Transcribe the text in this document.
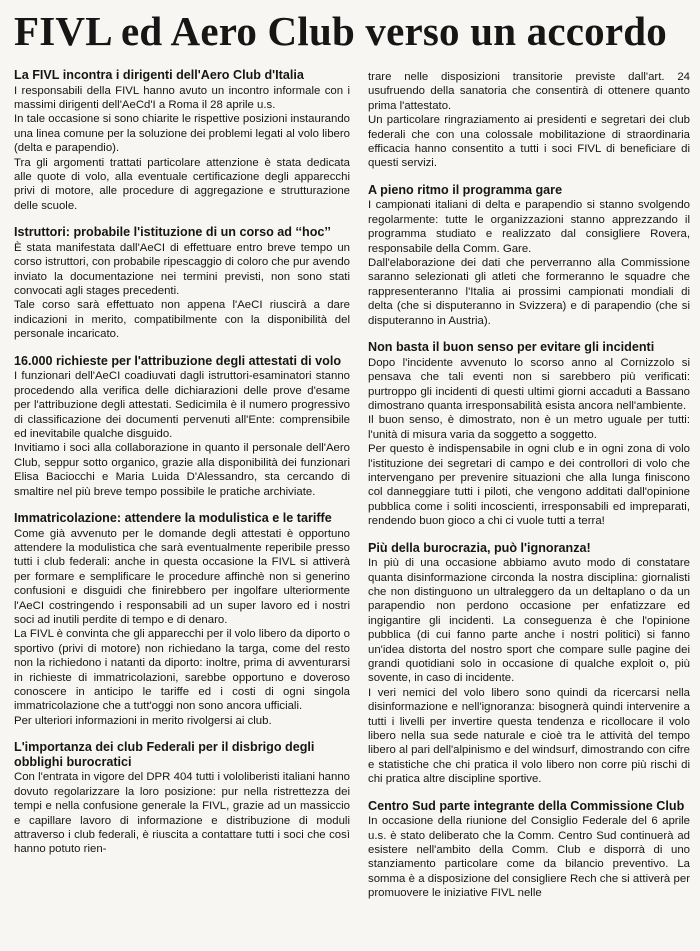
FIVL ed Aero Club verso un accordo
La FIVL incontra i dirigenti dell'Aero Club d'Italia

I responsabili della FIVL hanno avuto un incontro informale con i massimi dirigenti dell'AeCd'I a Roma il 28 aprile u.s.

In tale occasione si sono chiarite le rispettive posizioni instaurando una linea comune per la soluzione dei problemi legati al volo libero (delta e parapendio).

Tra gli argomenti trattati particolare attenzione è stata dedicata alle quote di volo, alla eventuale certificazione degli apparecchi privi di motore, alle procedure di aggregazione e strutturazione delle scuole.

Istruttori: probabile l'istituzione di un corso ad ‘‘hoc’’

È stata manifestata dall'AeCI di effettuare entro breve tempo un corso istruttori, con probabile ripescaggio di coloro che pur avendo inviato la documentazione nei termini previsti, non sono stati convocati agli stages precedenti.

Tale corso sarà effettuato non appena l'AeCI riuscirà a dare indicazioni in merito, compatibilmente con la disponibilità del personale incaricato.

16.000 richieste per l'attribuzione degli attestati di volo

I funzionari dell'AeCI coadiuvati dagli istruttori-esaminatori stanno procedendo alla verifica delle dichiarazioni delle prove d'esame per l'attribuzione degli attestati. Sedicimila è il numero progressivo di classificazione dei documenti pervenuti all'Ente: comprensibile ed inevitabile qualche disguido.

Invitiamo i soci alla collaborazione in quanto il personale dell'Aero Club, seppur sotto organico, grazie alla disponibilità dei funzionari Elisa Baciocchi e Maria Luida D'Alessandro, sta cercando di smaltire nel più breve tempo possibile le pratiche archiviate.

Immatricolazione: attendere la modulistica e le tariffe

Come già avvenuto per le domande degli attestati è opportuno attendere la modulistica che sarà eventualmente reperibile presso tutti i club federali: anche in questa occasione la FIVL si attiverà per formare e semplificare le procedure affinchè non si generino confusioni e disguidi che finirebbero per ingolfare ulteriormente l'AeCI costringendo i responsabili ad un super lavoro ed i nostri soci ad inutili perdite di tempo e di denaro.

La FIVL è convinta che gli apparecchi per il volo libero da diporto o sportivo (privi di motore) non richiedano la targa, come del resto non la richiedono i natanti da diporto: inoltre, prima di avventurarsi in richieste di immatricolazioni, sarebbe opportuno e doveroso conoscere in anticipo le tariffe ed i costi di ogni singola immatricolazione che a tutt'oggi non sono ancora ufficiali.

Per ulteriori informazioni in merito rivolgersi ai club.

L'importanza dei club Federali per il disbrigo degli obblighi burocratici

Con l'entrata in vigore del DPR 404 tutti i vololiberisti italiani hanno dovuto regolarizzare la loro posizione: pur nella ristrettezza dei tempi e nella confusione generale la FIVL, grazie ad un massiccio e capillare lavoro di informazione e distribuzione di moduli attraverso i club federali, è riuscita a contattare tutti i soci che così hanno potuto rien-

trare nelle disposizioni transitorie previste dall'art. 24 usufruendo della sanatoria che consentirà di ottenere quanto prima l'attestato.

Un particolare ringraziamento ai presidenti e segretari dei club federali che con una colossale mobilitazione di straordinaria efficacia hanno consentito a tutti i soci FIVL di beneficiare di questi servizi.

A pieno ritmo il programma gare

I campionati italiani di delta e parapendio si stanno svolgendo regolarmente: tutte le organizzazioni stanno apprezzando il programma studiato e realizzato dal consigliere Rovera, responsabile della Comm. Gare.

Dall'elaborazione dei dati che perverranno alla Commissione saranno selezionati gli atleti che formeranno le squadre che rappresenteranno l'Italia ai prossimi campionati mondiali di delta (che si disputeranno in Svizzera) e di parapendio (che si disputeranno in Austria).

Non basta il buon senso per evitare gli incidenti

Dopo l'incidente avvenuto lo scorso anno al Cornizzolo si pensava che tali eventi non si sarebbero più verificati: purtroppo gli incidenti di questi ultimi giorni accaduti a Bassano dimostrano quanta irresponsabilità esista ancora nell'ambiente.

Il buon senso, è dimostrato, non è un metro uguale per tutti: l'unità di misura varia da soggetto a soggetto.

Per questo è indispensabile in ogni club e in ogni zona di volo l'istituzione dei segretari di campo e dei controllori di volo che intervengano per prevenire situazioni che alla lunga finiscono col danneggiare tutti i piloti, che vengono additati dall'opinione pubblica come i soliti incoscienti, irresponsabili ed impreparati, rendendo buon gioco a chi ci vuole tutti a terra!

Più della burocrazia, può l'ignoranza!

In più di una occasione abbiamo avuto modo di constatare quanta disinformazione circonda la nostra disciplina: giornalisti che non distinguono un ultraleggero da un deltaplano o da un parapendio non perdono occasione per enfatizzare ed ingigantire gli incidenti. La conseguenza è che l'opinione pubblica (di cui fanno parte anche i nostri politici) si fanno un'idea distorta del nostro sport che compare sulle pagine dei grandi quotidiani solo in occasione di qualche exploit o, più sovente, in caso di incidente.

I veri nemici del volo libero sono quindi da ricercarsi nella disinformazione e nell'ignoranza: bisognerà quindi intervenire a tutti i livelli per invertire questa tendenza e ricollocare il volo libero nella sua sede naturale e cioè tra le attività del tempo libero al pari dell'alpinismo e del windsurf, dimostrando con cifre e statistiche che chi pratica il volo libero non corre più rischi di chi pratica altre discipline sportive.

Centro Sud parte integrante della Commissione Club

In occasione della riunione del Consiglio Federale del 6 aprile u.s. è stato deliberato che la Comm. Centro Sud continuerà ad esistere nell'ambito della Comm. Club e disporrà di uno stanziamento particolare come da bilancio preventivo. La somma è a disposizione del consigliere Rech che si attiverà per promuovere le iniziative FIVL nelle
